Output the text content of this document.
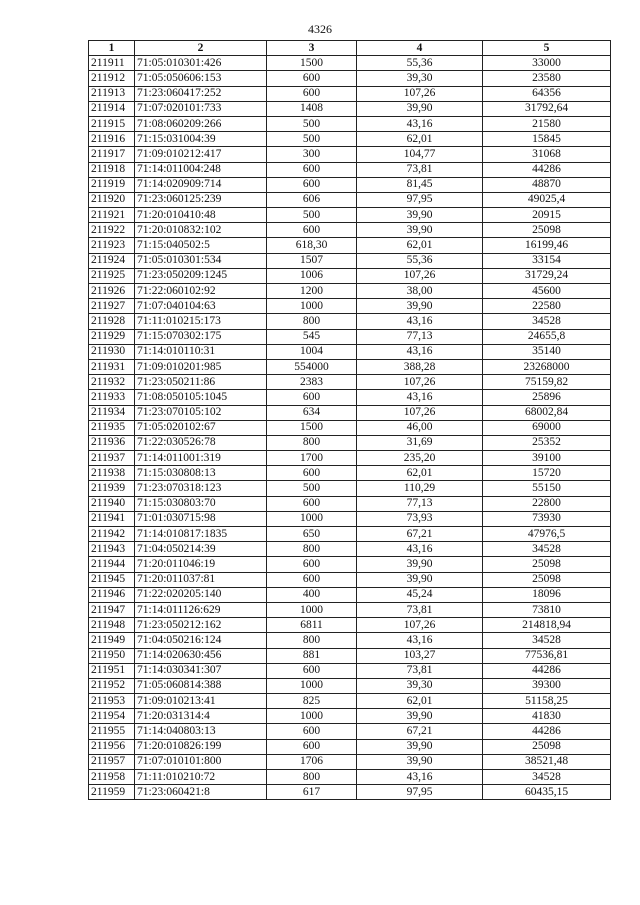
4326
1	2	3	4	5
211911	71:05:010301:426	1500	55,36	33000
211912	71:05:050606:153	600	39,30	23580
211913	71:23:060417:252	600	107,26	64356
211914	71:07:020101:733	1408	39,90	31792,64
211915	71:08:060209:266	500	43,16	21580
211916	71:15:031004:39	500	62,01	15845
211917	71:09:010212:417	300	104,77	31068
211918	71:14:011004:248	600	73,81	44286
211919	71:14:020909:714	600	81,45	48870
211920	71:23:060125:239	606	97,95	49025,4
211921	71:20:010410:48	500	39,90	20915
211922	71:20:010832:102	600	39,90	25098
211923	71:15:040502:5	618,30	62,01	16199,46
211924	71:05:010301:534	1507	55,36	33154
211925	71:23:050209:1245	1006	107,26	31729,24
211926	71:22:060102:92	1200	38,00	45600
211927	71:07:040104:63	1000	39,90	22580
211928	71:11:010215:173	800	43,16	34528
211929	71:15:070302:175	545	77,13	24655,8
211930	71:14:010110:31	1004	43,16	35140
211931	71:09:010201:985	554000	388,28	23268000
211932	71:23:050211:86	2383	107,26	75159,82
211933	71:08:050105:1045	600	43,16	25896
211934	71:23:070105:102	634	107,26	68002,84
211935	71:05:020102:67	1500	46,00	69000
211936	71:22:030526:78	800	31,69	25352
211937	71:14:011001:319	1700	235,20	39100
211938	71:15:030808:13	600	62,01	15720
211939	71:23:070318:123	500	110,29	55150
211940	71:15:030803:70	600	77,13	22800
211941	71:01:030715:98	1000	73,93	73930
211942	71:14:010817:1835	650	67,21	47976,5
211943	71:04:050214:39	800	43,16	34528
211944	71:20:011046:19	600	39,90	25098
211945	71:20:011037:81	600	39,90	25098
211946	71:22:020205:140	400	45,24	18096
211947	71:14:011126:629	1000	73,81	73810
211948	71:23:050212:162	6811	107,26	214818,94
211949	71:04:050216:124	800	43,16	34528
211950	71:14:020630:456	881	103,27	77536,81
211951	71:14:030341:307	600	73,81	44286
211952	71:05:060814:388	1000	39,30	39300
211953	71:09:010213:41	825	62,01	51158,25
211954	71:20:031314:4	1000	39,90	41830
211955	71:14:040803:13	600	67,21	44286
211956	71:20:010826:199	600	39,90	25098
211957	71:07:010101:800	1706	39,90	38521,48
211958	71:11:010210:72	800	43,16	34528
211959	71:23:060421:8	617	97,95	60435,15
